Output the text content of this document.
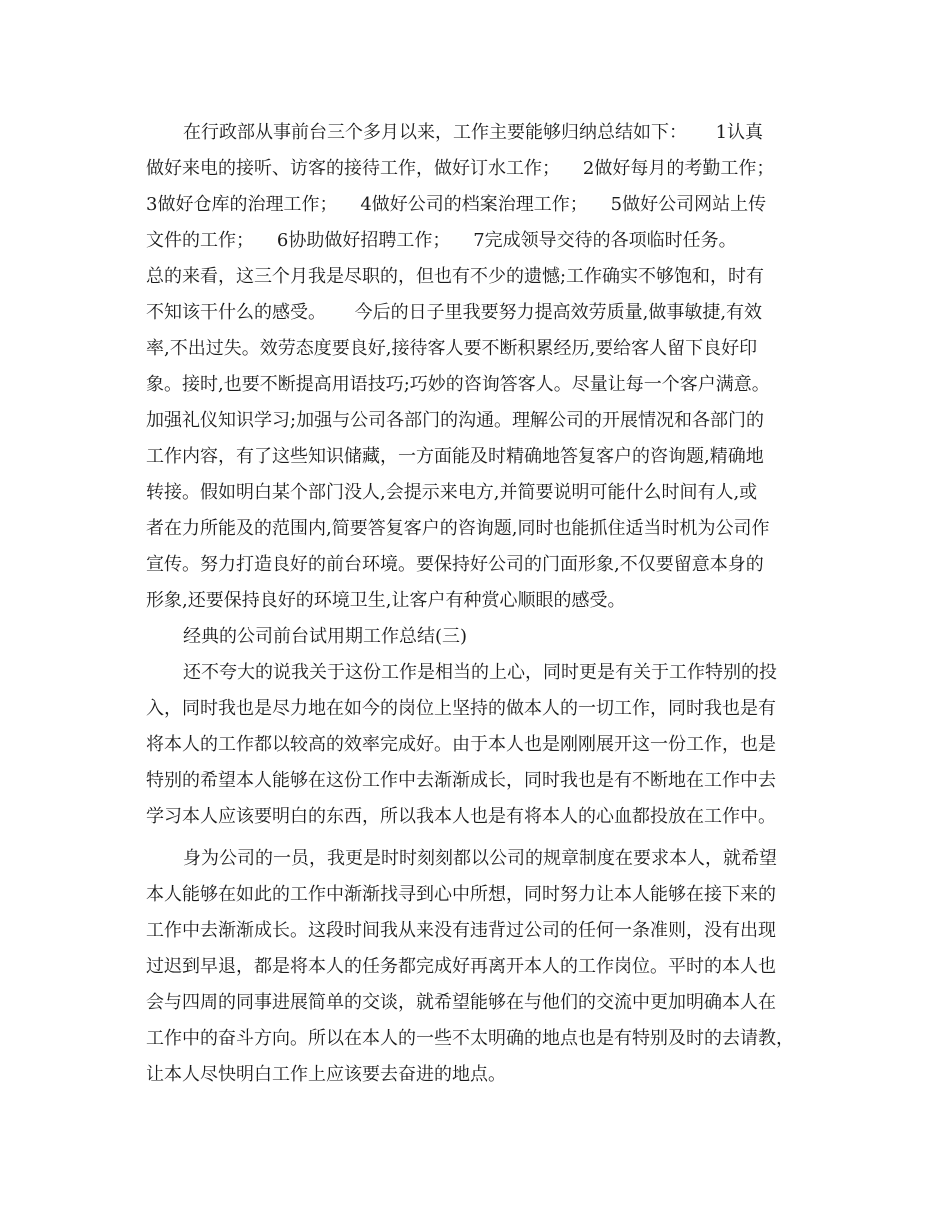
在行政部从事前台三个多月以来，工作主要能够归纳总结如下：     1认真
做好来电的接听、访客的接待工作，做好订水工作；    2做好每月的考勤工作；
3做好仓库的治理工作；    4做好公司的档案治理工作；    5做好公司网站上传
文件的工作；    6协助做好招聘工作；    7完成领导交待的各项临时任务。
总的来看，这三个月我是尽职的，但也有不少的遗憾;工作确实不够饱和，时有
不知该干什么的感受。     今后的日子里我要努力提高效劳质量,做事敏捷,有效
率,不出过失。效劳态度要良好,接待客人要不断积累经历,要给客人留下良好印
象。接时,也要不断提高用语技巧;巧妙的咨询答客人。尽量让每一个客户满意。
加强礼仪知识学习;加强与公司各部门的沟通。理解公司的开展情况和各部门的
工作内容，有了这些知识储藏，一方面能及时精确地答复客户的咨询题,精确地
转接。假如明白某个部门没人,会提示来电方,并简要说明可能什么时间有人,或
者在力所能及的范围内,简要答复客户的咨询题,同时也能抓住适当时机为公司作
宣传。努力打造良好的前台环境。要保持好公司的门面形象,不仅要留意本身的
形象,还要保持良好的环境卫生,让客户有种赏心顺眼的感受。
经典的公司前台试用期工作总结(三)
还不夸大的说我关于这份工作是相当的上心，同时更是有关于工作特别的投
入，同时我也是尽力地在如今的岗位上坚持的做本人的一切工作，同时我也是有
将本人的工作都以较高的效率完成好。由于本人也是刚刚展开这一份工作，也是
特别的希望本人能够在这份工作中去渐渐成长，同时我也是有不断地在工作中去
学习本人应该要明白的东西，所以我本人也是有将本人的心血都投放在工作中。
身为公司的一员，我更是时时刻刻都以公司的规章制度在要求本人，就希望
本人能够在如此的工作中渐渐找寻到心中所想，同时努力让本人能够在接下来的
工作中去渐渐成长。这段时间我从来没有违背过公司的任何一条准则，没有出现
过迟到早退，都是将本人的任务都完成好再离开本人的工作岗位。平时的本人也
会与四周的同事进展简单的交谈，就希望能够在与他们的交流中更加明确本人在
工作中的奋斗方向。所以在本人的一些不太明确的地点也是有特别及时的去请教，
让本人尽快明白工作上应该要去奋进的地点。
